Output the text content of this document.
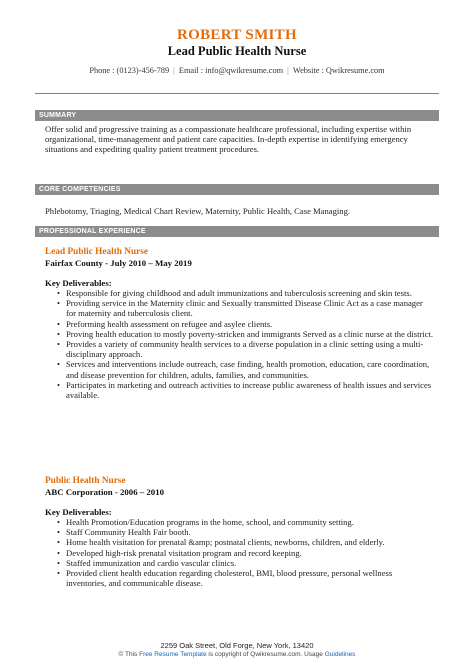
ROBERT SMITH
Lead Public Health Nurse
Phone : (0123)-456-789 | Email : info@qwikresume.com | Website : Qwikresume.com
SUMMARY
Offer solid and progressive training as a compassionate healthcare professional, including expertise within organizational, time-management and patient care capacities. In-depth expertise in identifying emergency situations and expediting quality patient treatment procedures.
CORE COMPETENCIES
Phlebotomy, Triaging, Medical Chart Review, Maternity, Public Health, Case Managing.
PROFESSIONAL EXPERIENCE
Lead Public Health Nurse
Fairfax County - July 2010 – May 2019
Key Deliverables:
• Responsible for giving childhood and adult immunizations and tuberculosis screening and skin tests.
• Providing service in the Maternity clinic and Sexually transmitted Disease Clinic Act as a case manager for maternity and tuberculosis client.
• Preforming health assessment on refugee and asylee clients.
• Proving health education to mostly poverty-stricken and immigrants Served as a clinic nurse at the district.
• Provides a variety of community health services to a diverse population in a clinic setting using a multi-disciplinary approach.
• Services and interventions include outreach, case finding, health promotion, education, care coordination, and disease prevention for children, adults, families, and communities.
• Participates in marketing and outreach activities to increase public awareness of health issues and services available.
Public Health Nurse
ABC Corporation - 2006 – 2010
Key Deliverables:
• Health Promotion/Education programs in the home, school, and community setting.
• Staff Community Health Fair booth.
• Home health visitation for prenatal &amp; postnatal clients, newborns, children, and elderly.
• Developed high-risk prenatal visitation program and record keeping.
• Staffed immunization and cardio vascular clinics.
• Provided client health education regarding cholesterol, BMI, blood pressure, personal wellness inventories, and communicable disease.
2259 Oak Street, Old Forge, New York, 13420
© This Free Resume Template is copyright of Qwikresume.com. Usage Guidelines
